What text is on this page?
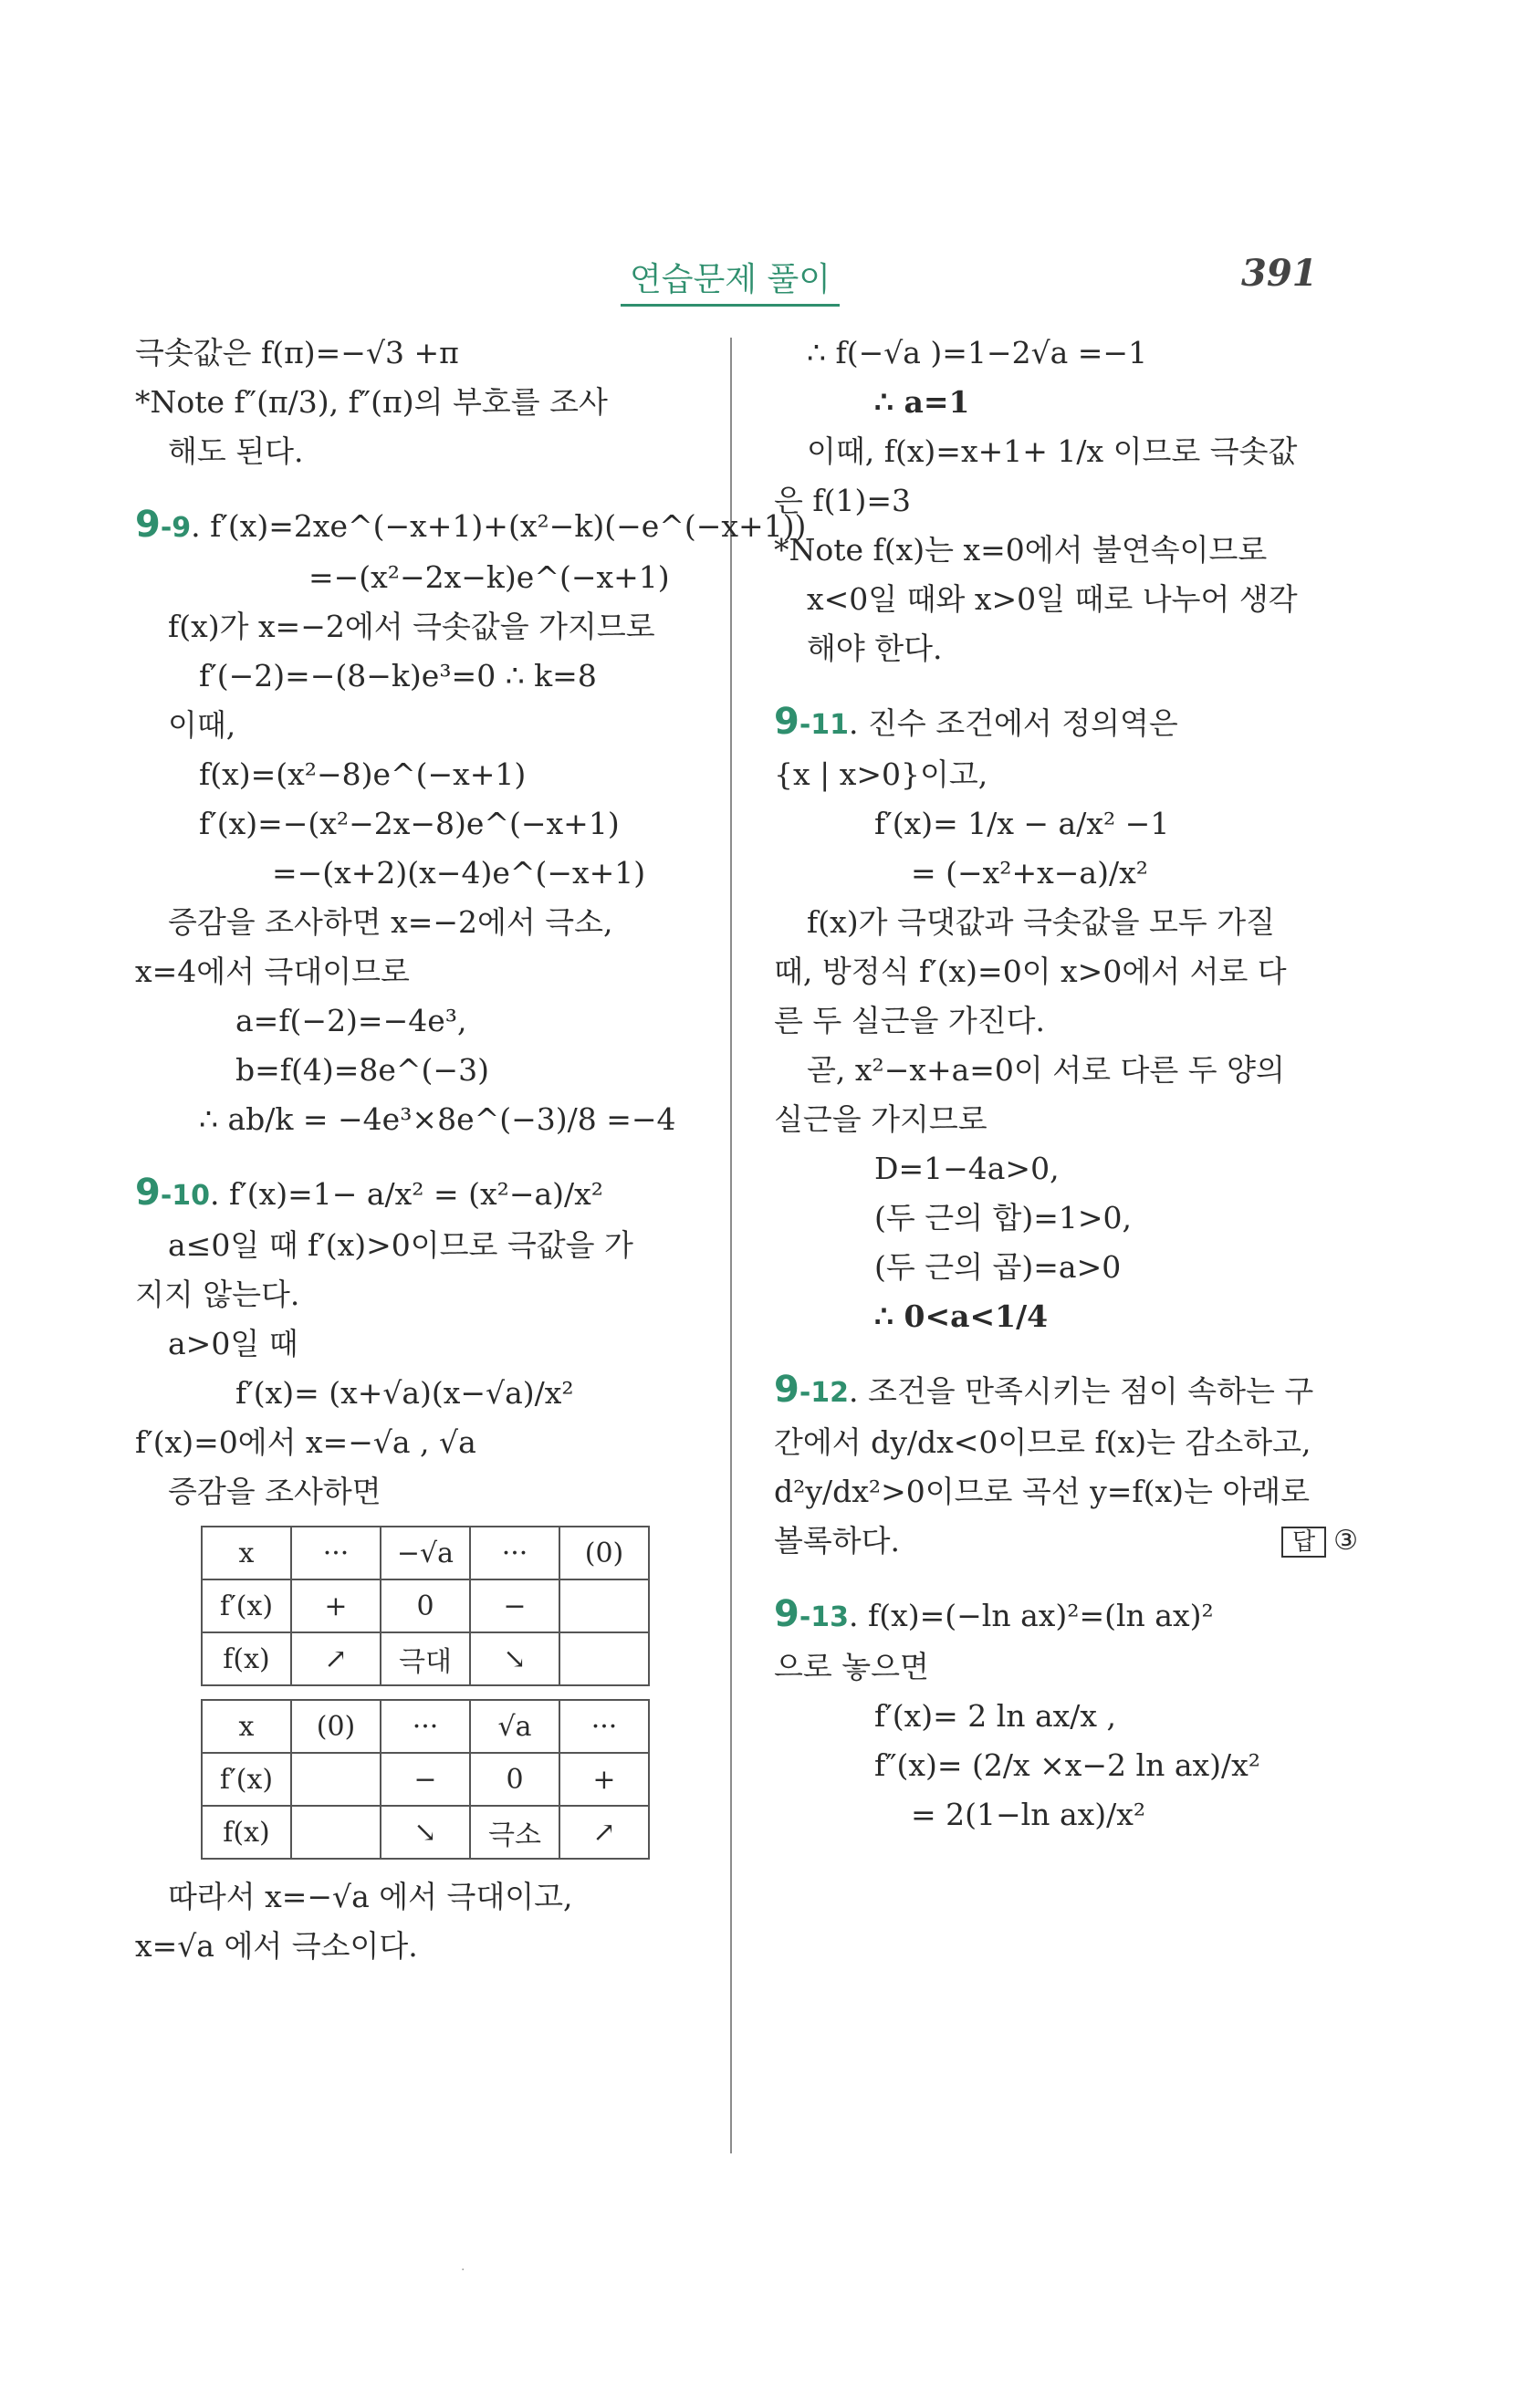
연습문제 풀이	391
극솟값은 f(π)=−√3 +π
*Note f″(π/3), f″(π)의 부호를 조사
해도 된다.
9-9. f′(x)=2xe^(−x+1)+(x²−k)(−e^(−x+1))
=−(x²−2x−k)e^(−x+1)
f(x)가 x=−2에서 극솟값을 가지므로
f′(−2)=−(8−k)e³=0 ∴ k=8
이때,
f(x)=(x²−8)e^(−x+1)
f′(x)=−(x²−2x−8)e^(−x+1)
=−(x+2)(x−4)e^(−x+1)
증감을 조사하면 x=−2에서 극소,
x=4에서 극대이므로
a=f(−2)=−4e³,
b=f(4)=8e^(−3)
∴ ab/k = −4e³×8e^(−3)/8 =−4
9-10. f′(x)=1− a/x² = (x²−a)/x²
a≤0일 때 f′(x)>0이므로 극값을 가
지지 않는다.
a>0일 때
f′(x)= (x+√a)(x−√a)/x²
f′(x)=0에서 x=−√a , √a
증감을 조사하면
x	···	−√a	···	(0)
f′(x)	+	0	−	
f(x)	↗	극대	↘	
x	(0)	···	√a	···
f′(x)		−	0	+
f(x)		↘	극소	↗
따라서 x=−√a 에서 극대이고,
x=√a 에서 극소이다.
∴ f(−√a )=1−2√a =−1
∴ a=1
이때, f(x)=x+1+ 1/x 이므로 극솟값
은 f(1)=3
*Note f(x)는 x=0에서 불연속이므로
x<0일 때와 x>0일 때로 나누어 생각
해야 한다.
9-11. 진수 조건에서 정의역은
{x | x>0}이고,
f′(x)= 1/x − a/x² −1
= (−x²+x−a)/x²
f(x)가 극댓값과 극솟값을 모두 가질
때, 방정식 f′(x)=0이 x>0에서 서로 다
른 두 실근을 가진다.
곧, x²−x+a=0이 서로 다른 두 양의
실근을 가지므로
D=1−4a>0,
(두 근의 합)=1>0,
(두 근의 곱)=a>0
∴ 0<a<1/4
9-12. 조건을 만족시키는 점이 속하는 구
간에서 dy/dx<0이므로 f(x)는 감소하고,
d²y/dx²>0이므로 곡선 y=f(x)는 아래로
볼록하다.	답 ③
9-13. f(x)=(−ln ax)²=(ln ax)²
으로 놓으면
f′(x)= 2 ln ax/x ,
f″(x)= (2/x ×x−2 ln ax)/x²
= 2(1−ln ax)/x²
·
